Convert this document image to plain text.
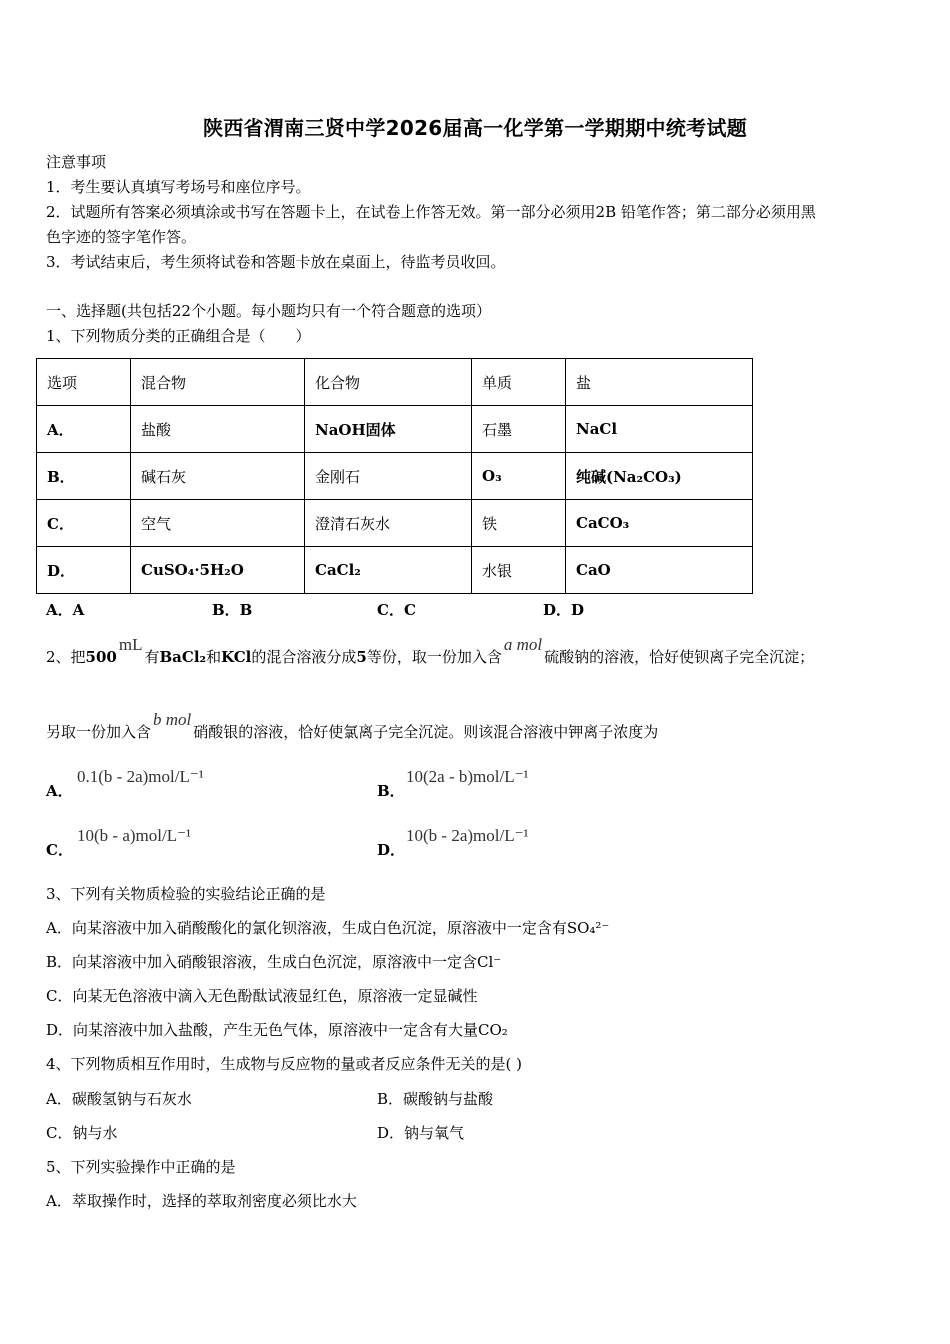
陕西省渭南三贤中学2026届高一化学第一学期期中统考试题
注意事项
1．考生要认真填写考场号和座位序号。
2．试题所有答案必须填涂或书写在答题卡上，在试卷上作答无效。第一部分必须用2B 铅笔作答；第二部分必须用黑
色字迹的签字笔作答。
3．考试结束后，考生须将试卷和答题卡放在桌面上，待监考员收回。
一、选择题(共包括22个小题。每小题均只有一个符合题意的选项）
1、下列物质分类的正确组合是（　　）
选项	混合物	化合物	单质	盐
A．	盐酸	NaOH固体	石墨	NaCl
B．	碱石灰	金刚石	O₃	纯碱(Na₂CO₃)
C．	空气	澄清石灰水	铁	CaCO₃
D．	CuSO₄·5H₂O	CaCl₂	水银	CaO
A．A	B．B	C．C	D．D
2、把500mL有BaCl₂和KCl的混合溶液分成5等份，取一份加入含a mol硫酸钠的溶液，恰好使钡离子完全沉淀；
另取一份加入含b mol硝酸银的溶液，恰好使氯离子完全沉淀。则该混合溶液中钾离子浓度为
A．
0.1(b - 2a)mol/L⁻¹
B．
10(2a - b)mol/L⁻¹
C．
10(b - a)mol/L⁻¹
D．
10(b - 2a)mol/L⁻¹
3、下列有关物质检验的实验结论正确的是
A．向某溶液中加入硝酸酸化的氯化钡溶液，生成白色沉淀，原溶液中一定含有SO₄²⁻
B．向某溶液中加入硝酸银溶液，生成白色沉淀，原溶液中一定含Cl⁻
C．向某无色溶液中滴入无色酚酞试液显红色，原溶液一定显碱性
D．向某溶液中加入盐酸，产生无色气体，原溶液中一定含有大量CO₂
4、下列物质相互作用时，生成物与反应物的量或者反应条件无关的是( )
A．碳酸氢钠与石灰水	B．碳酸钠与盐酸
C．钠与水	D．钠与氧气
5、下列实验操作中正确的是
A．萃取操作时，选择的萃取剂密度必须比水大
